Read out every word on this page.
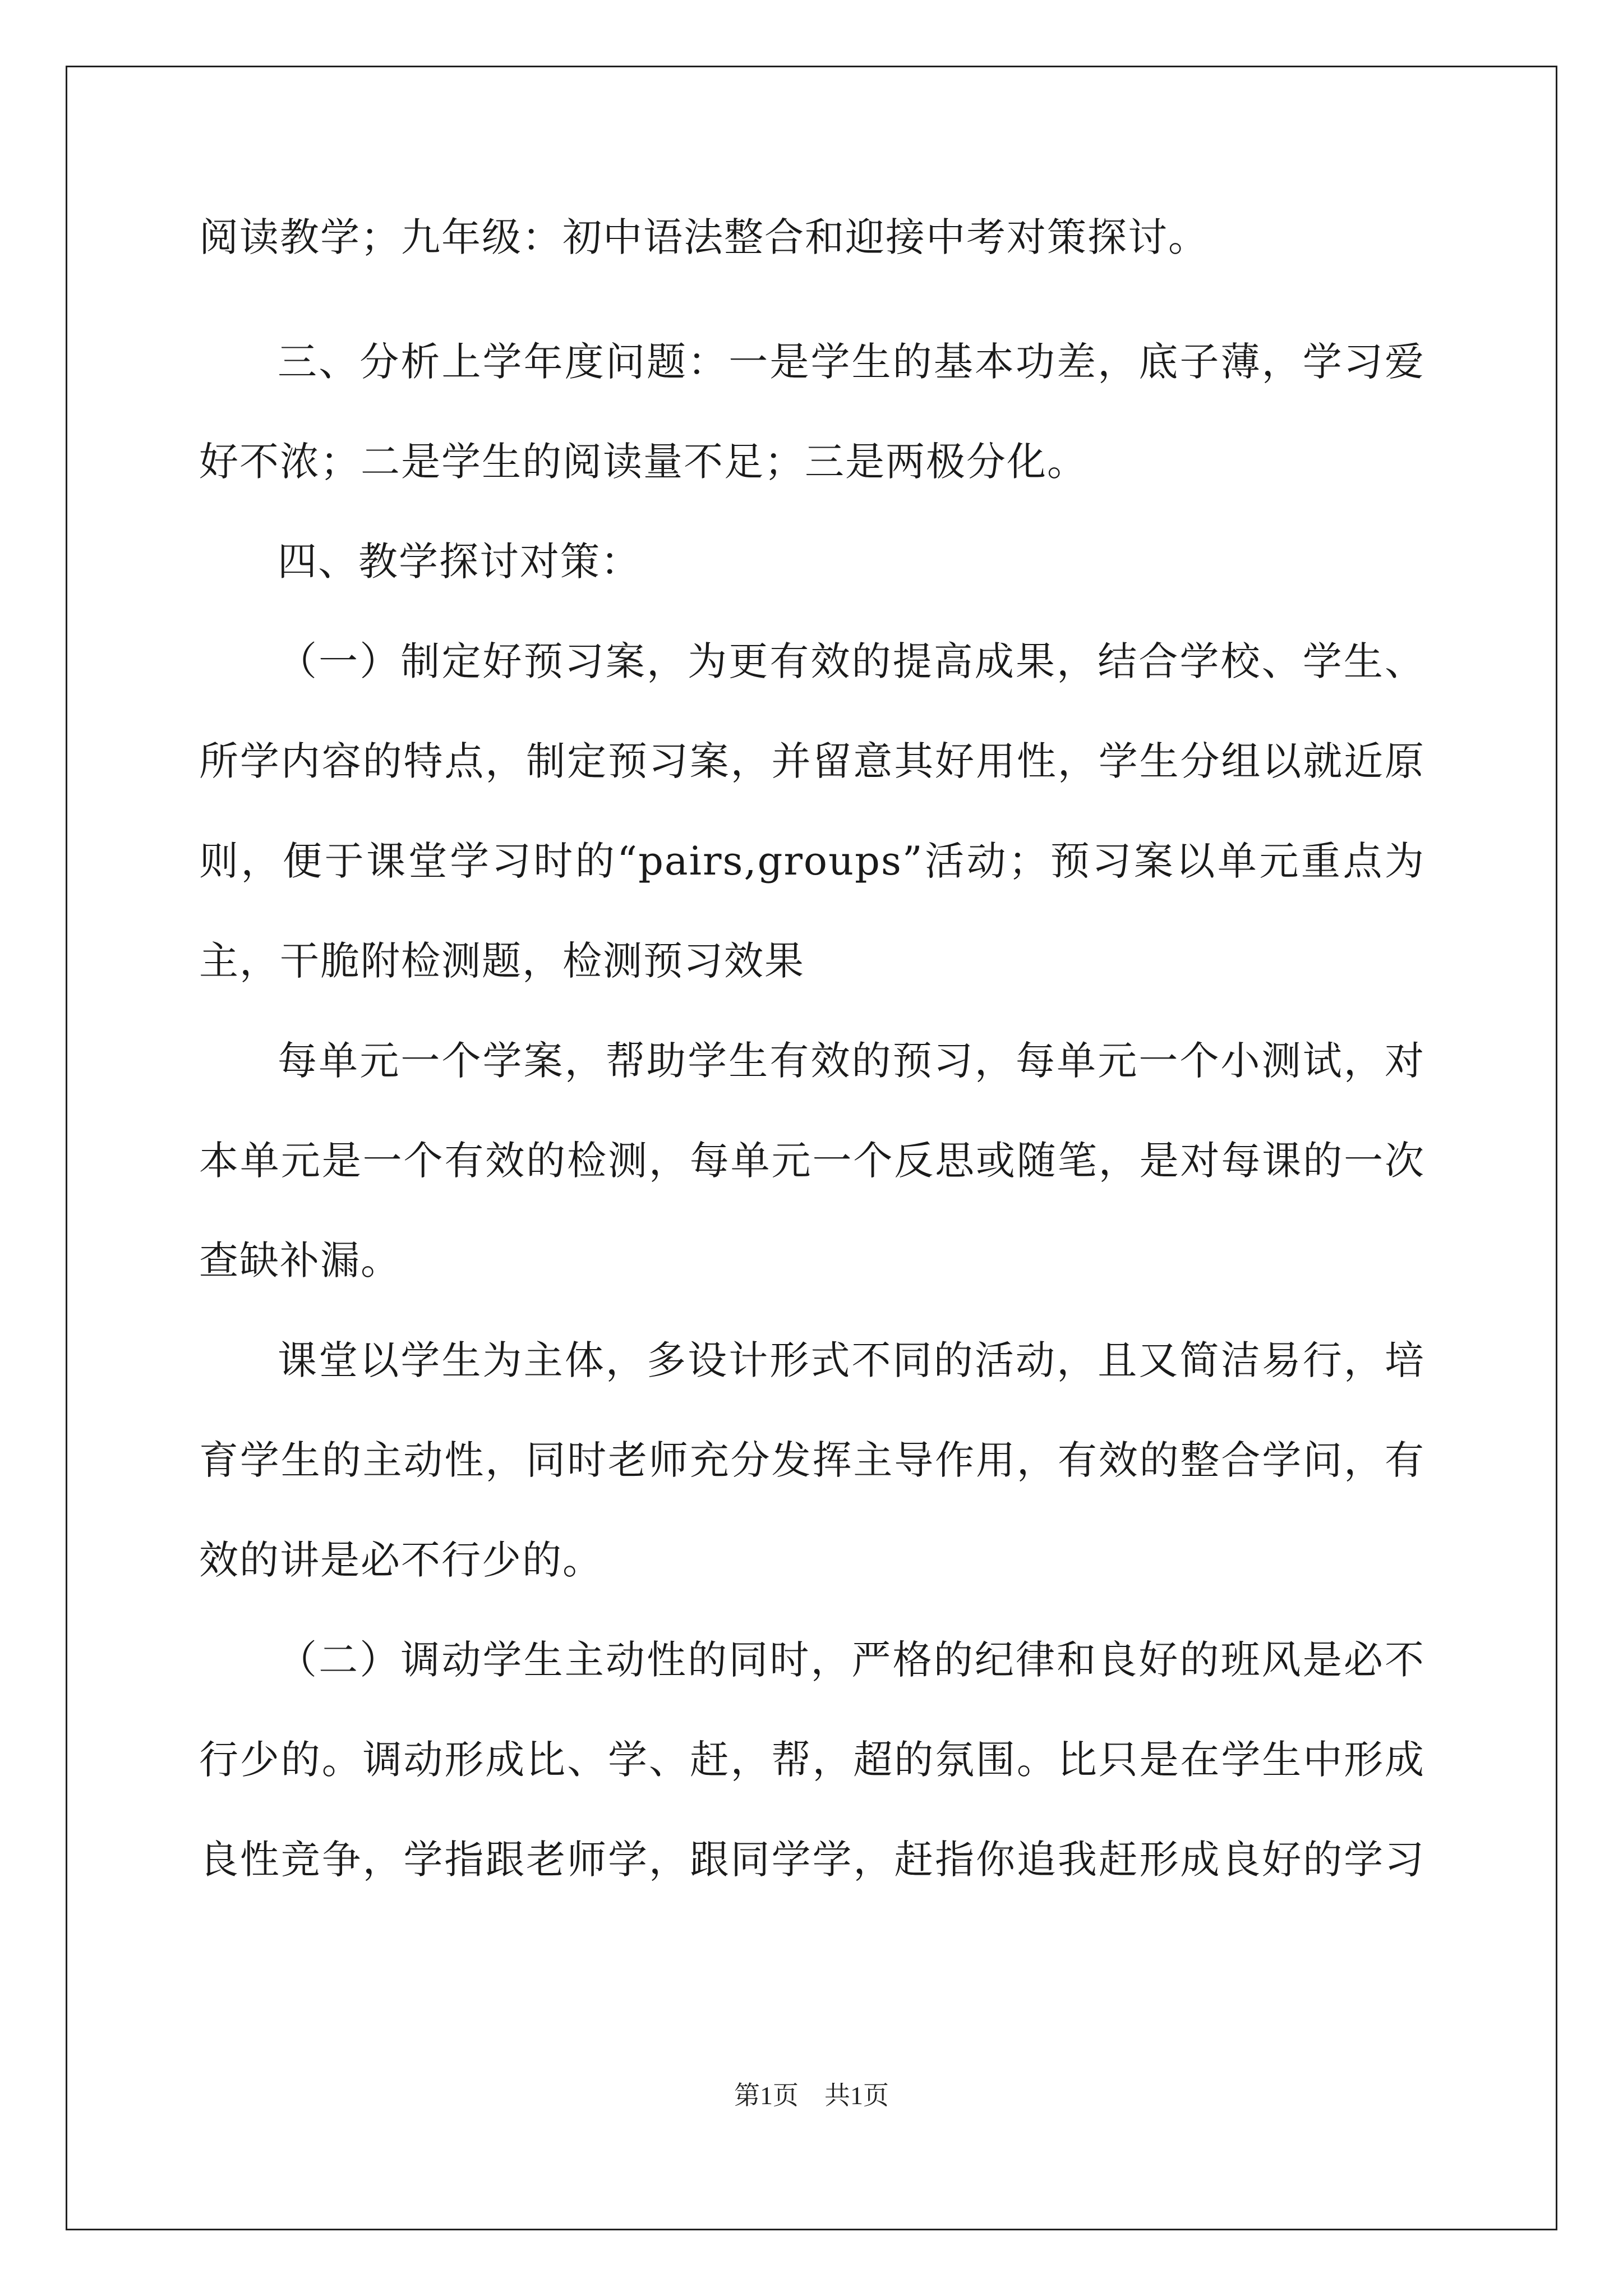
阅读教学；九年级：初中语法整合和迎接中考对策探讨。
三、分析上学年度问题：一是学生的基本功差，底子薄，学习爱
好不浓；二是学生的阅读量不足；三是两极分化。
四、教学探讨对策：
（一）制定好预习案，为更有效的提高成果，结合学校、学生、
所学内容的特点，制定预习案，并留意其好用性，学生分组以就近原
则，便于课堂学习时的“pairs,groups”活动；预习案以单元重点为
主，干脆附检测题，检测预习效果
每单元一个学案，帮助学生有效的预习，每单元一个小测试，对
本单元是一个有效的检测，每单元一个反思或随笔，是对每课的一次
查缺补漏。
课堂以学生为主体，多设计形式不同的活动，且又简洁易行，培
育学生的主动性，同时老师充分发挥主导作用，有效的整合学问，有
效的讲是必不行少的。
（二）调动学生主动性的同时，严格的纪律和良好的班风是必不
行少的。调动形成比、学、赶，帮，超的氛围。比只是在学生中形成
良性竞争，学指跟老师学，跟同学学，赶指你追我赶形成良好的学习
第1页　共1页
